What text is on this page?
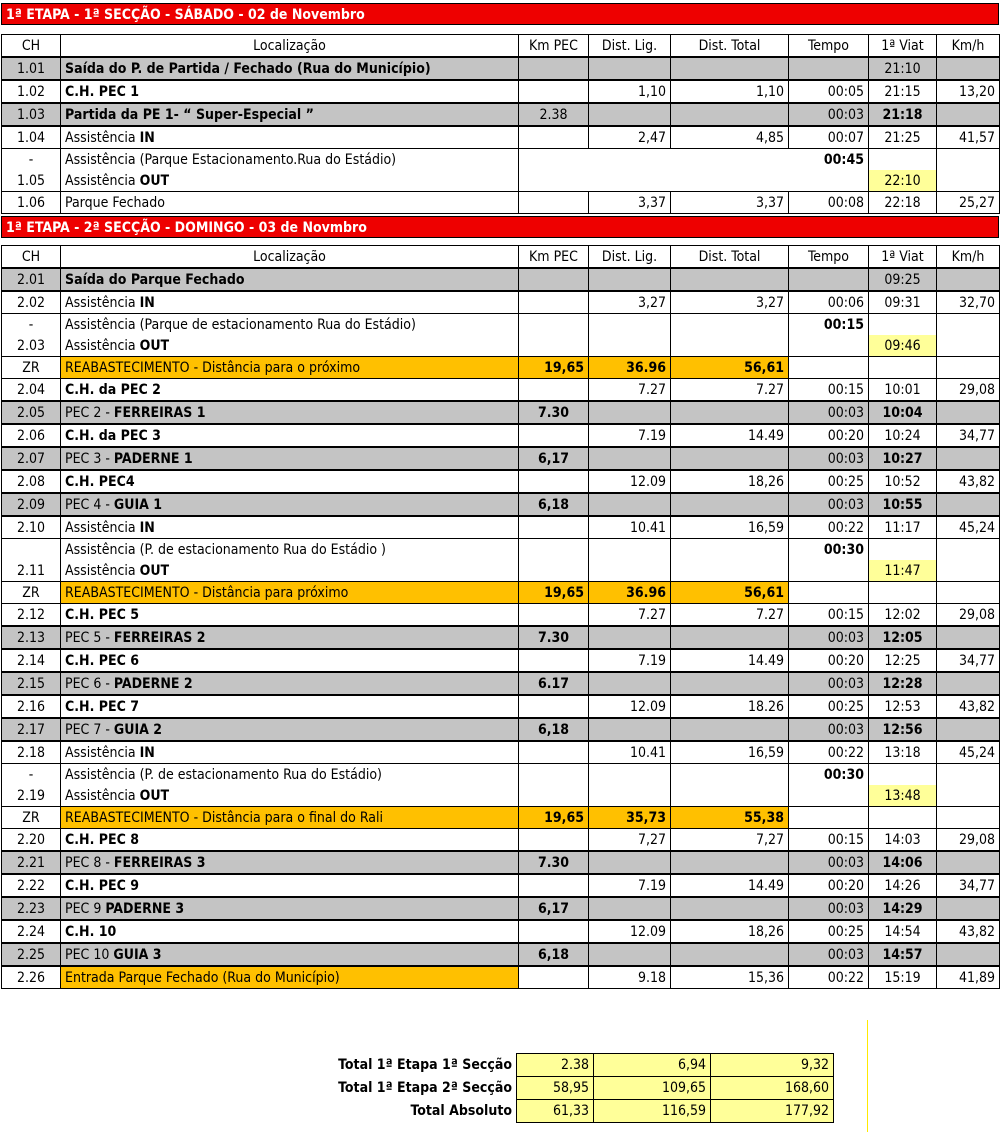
1ª ETAPA - 1ª SECÇÃO - SÁBADO - 02 de Novembro
CH	Localização	Km PEC	Dist. Lig.	Dist. Total	Tempo	1ª Viat	Km/h
1.01	Saída do P. de Partida / Fechado (Rua do Município)					21:10	
1.02	C.H. PEC 1		1,10	1,10	00:05	21:15	13,20
1.03	Partida da PE 1- “ Super-Especial ”	2.38			00:03	21:18	
1.04	Assistência IN		2,47	4,85	00:07	21:25	41,57
-	Assistência (Parque Estacionamento.Rua do Estádio)				00:45		
1.05	Assistência OUT					22:10	
1.06	Parque Fechado		3,37	3,37	00:08	22:18	25,27
1ª ETAPA - 2ª SECÇÃO - DOMINGO - 03 de Novmbro
CH	Localização	Km PEC	Dist. Lig.	Dist. Total	Tempo	1ª Viat	Km/h
2.01	Saída do Parque Fechado					09:25	
2.02	Assistência IN		3,27	3,27	00:06	09:31	32,70
-	Assistência (Parque de estacionamento Rua do Estádio)				00:15		
2.03	Assistência OUT					09:46	
ZR	REABASTECIMENTO - Distância para o próximo	19,65	36.96	56,61			
2.04	C.H. da PEC 2		7.27	7.27	00:15	10:01	29,08
2.05	PEC 2 - FERREIRAS 1	7.30			00:03	10:04	
2.06	C.H. da PEC 3		7.19	14.49	00:20	10:24	34,77
2.07	PEC 3 - PADERNE 1	6,17			00:03	10:27	
2.08	C.H. PEC4		12.09	18,26	00:25	10:52	43,82
2.09	PEC 4 - GUIA 1	6,18			00:03	10:55	
2.10	Assistência IN		10.41	16,59	00:22	11:17	45,24
	Assistência (P. de estacionamento Rua do Estádio )				00:30		
2.11	Assistência OUT					11:47	
ZR	REABASTECIMENTO - Distância para próximo	19,65	36.96	56,61			
2.12	C.H. PEC 5		7.27	7.27	00:15	12:02	29,08
2.13	PEC 5 - FERREIRAS 2	7.30			00:03	12:05	
2.14	C.H. PEC 6		7.19	14.49	00:20	12:25	34,77
2.15	PEC 6 - PADERNE 2	6.17			00:03	12:28	
2.16	C.H. PEC 7		12.09	18.26	00:25	12:53	43,82
2.17	PEC 7 - GUIA 2	6,18			00:03	12:56	
2.18	Assistência IN		10.41	16,59	00:22	13:18	45,24
-	Assistência (P. de estacionamento Rua do Estádio)				00:30		
2.19	Assistência OUT					13:48	
ZR	REABASTECIMENTO - Distância para o final do Rali	19,65	35,73	55,38			
2.20	C.H. PEC 8		7,27	7,27	00:15	14:03	29,08
2.21	PEC 8 - FERREIRAS 3	7.30			00:03	14:06	
2.22	C.H. PEC 9		7.19	14.49	00:20	14:26	34,77
2.23	PEC 9 PADERNE 3	6,17			00:03	14:29	
2.24	C.H. 10		12.09	18,26	00:25	14:54	43,82
2.25	PEC 10 GUIA 3	6,18			00:03	14:57	
2.26	Entrada Parque Fechado (Rua do Município)		9.18	15,36	00:22	15:19	41,89
Total 1ª Etapa 1ª Secção	2.38	6,94	9,32
Total 1ª Etapa 2ª Secção	58,95	109,65	168,60
Total Absoluto	61,33	116,59	177,92
